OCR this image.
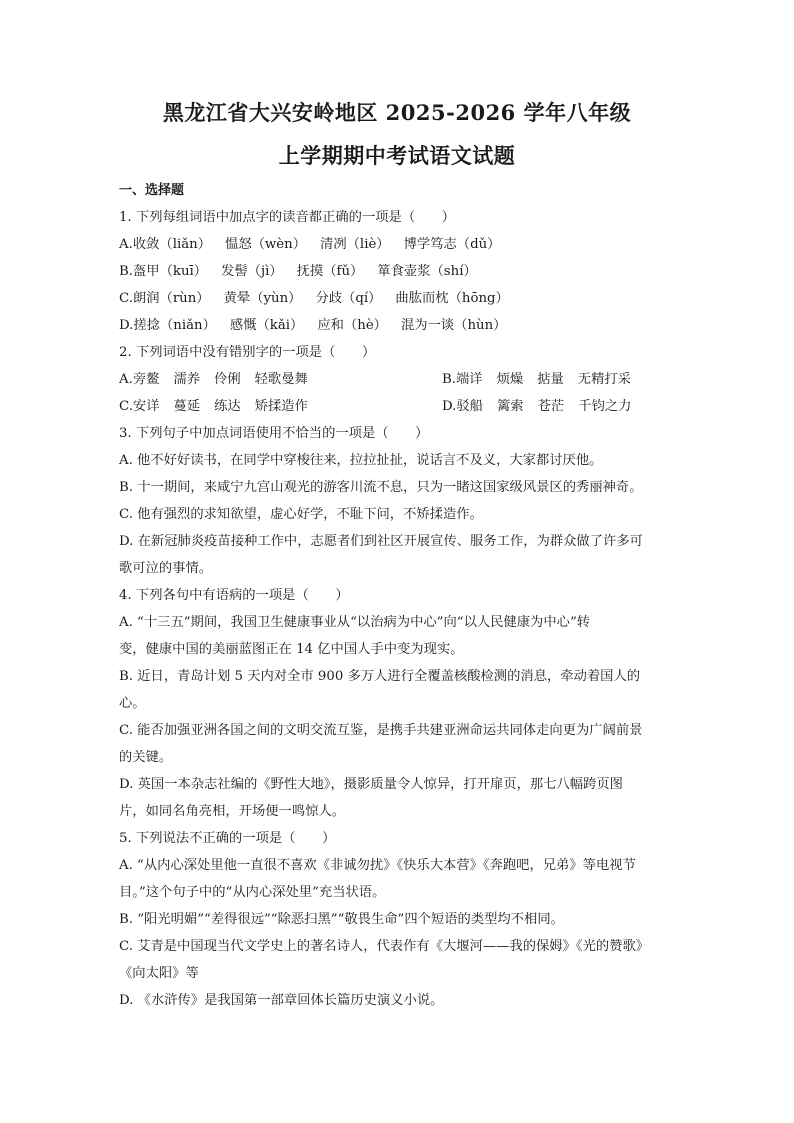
黑龙江省大兴安岭地区 2025-2026 学年八年级
上学期期中考试语文试题
一、选择题
1. 下列每组词语中加点字的读音都正确的一项是（　　）
A.收敛（liǎn） 愠怒（wèn） 清冽（liè） 博学笃志（dǔ）
B.盔甲（kuī） 发髻（jì） 抚摸（fǔ） 箪食壶浆（shí）
C.朗润（rùn） 黄晕（yùn） 分歧（qí） 曲肱而枕（hōng）
D.搓捻（niǎn） 感慨（kǎi） 应和（hè） 混为一谈（hùn）
2. 下列词语中没有错别字的一项是（　　）
A.旁鳌 濡养 伶俐 轻歌曼舞	B.端详 烦燥 掂量 无精打采
C.安详 蔓延 练达 矫揉造作	D.驳船 篱索 苍茫 千钧之力
3. 下列句子中加点词语使用不恰当的一项是（　　）
A. 他不好好读书，在同学中穿梭往来，拉拉扯扯，说话言不及义，大家都讨厌他。
B. 十一期间，来咸宁九宫山观光的游客川流不息，只为一睹这国家级风景区的秀丽神奇。
C. 他有强烈的求知欲望，虚心好学，不耻下问，不矫揉造作。
D. 在新冠肺炎疫苗接种工作中，志愿者们到社区开展宣传、服务工作，为群众做了许多可
歌可泣的事情。
4. 下列各句中有语病的一项是（　　）
A. “十三五”期间，我国卫生健康事业从“以治病为中心”向“以人民健康为中心”转
变，健康中国的美丽蓝图正在 14 亿中国人手中变为现实。
B. 近日，青岛计划 5 天内对全市 900 多万人进行全覆盖核酸检测的消息，牵动着国人的
心。
C. 能否加强亚洲各国之间的文明交流互鉴，是携手共建亚洲命运共同体走向更为广阔前景
的关键。
D. 英国一本杂志社编的《野性大地》，摄影质量令人惊异，打开扉页，那七八幅跨页图
片，如同名角亮相，开场便一鸣惊人。
5. 下列说法不正确的一项是（　　）
A. “从内心深处里他一直很不喜欢《非诚勿扰》《快乐大本营》《奔跑吧，兄弟》等电视节
目。”这个句子中的“从内心深处里”充当状语。
B. “阳光明媚”“差得很远”“除恶扫黑”“敬畏生命”四个短语的类型均不相同。
C. 艾青是中国现当代文学史上的著名诗人，代表作有《大堰河——我的保姆》《光的赞歌》
《向太阳》等
D. 《水浒传》是我国第一部章回体长篇历史演义小说。
